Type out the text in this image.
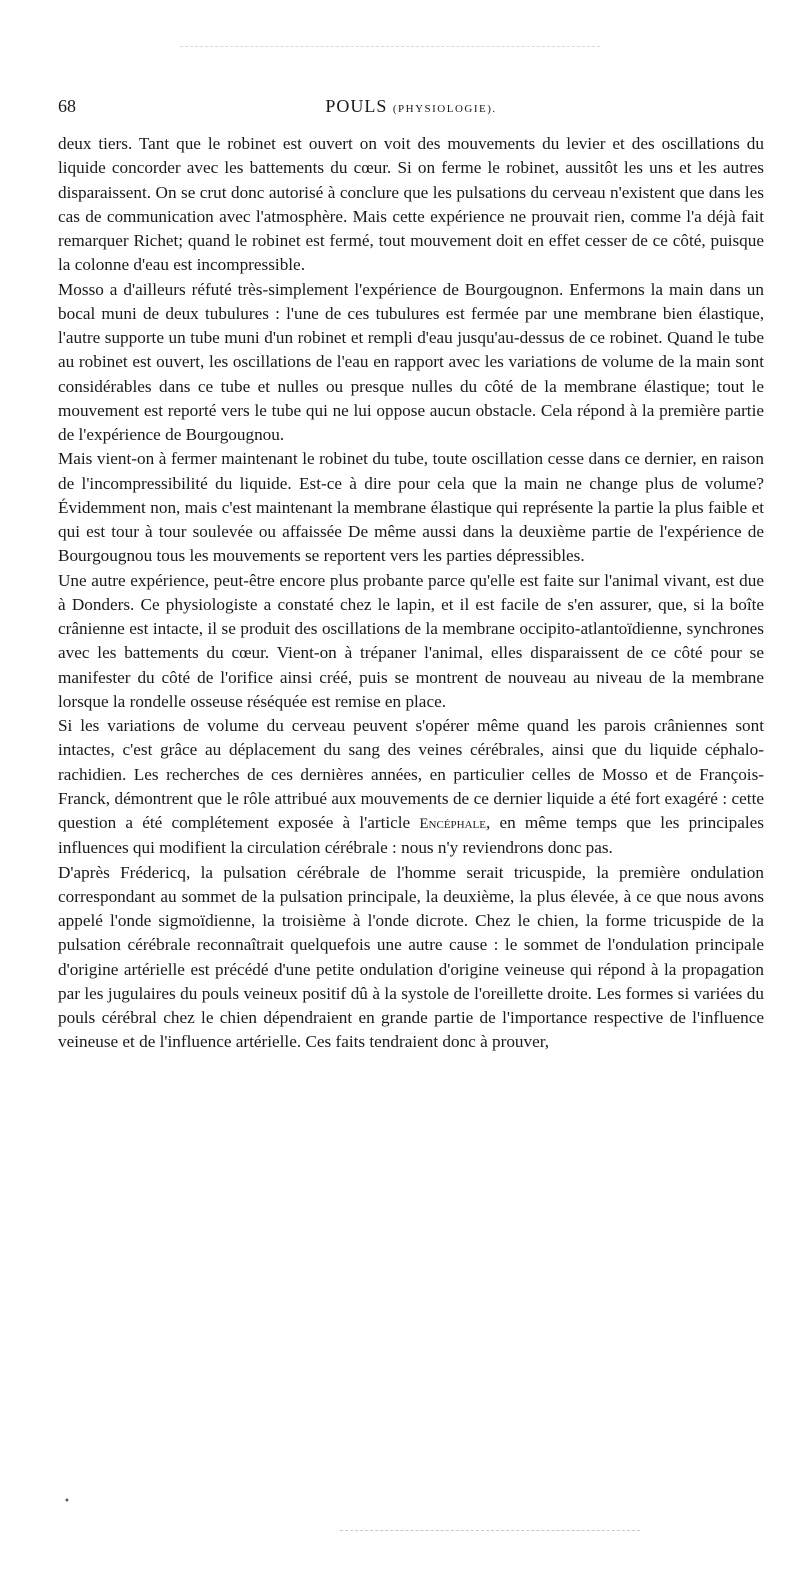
68	POULS (PHYSIOLOGIE).

deux tiers. Tant que le robinet est ouvert on voit des mouvements du levier et des oscillations du liquide concorder avec les battements du cœur. Si on ferme le robinet, aussitôt les uns et les autres disparaissent. On se crut donc autorisé à conclure que les pulsations du cerveau n'existent que dans les cas de communication avec l'atmosphère. Mais cette expérience ne prouvait rien, comme l'a déjà fait remarquer Richet; quand le robinet est fermé, tout mouvement doit en effet cesser de ce côté, puisque la colonne d'eau est incompressible.

Mosso a d'ailleurs réfuté très-simplement l'expérience de Bourgougnon. Enfermons la main dans un bocal muni de deux tubulures : l'une de ces tubulures est fermée par une membrane bien élastique, l'autre supporte un tube muni d'un robinet et rempli d'eau jusqu'au-dessus de ce robinet. Quand le tube au robinet est ouvert, les oscillations de l'eau en rapport avec les variations de volume de la main sont considérables dans ce tube et nulles ou presque nulles du côté de la membrane élastique; tout le mouvement est reporté vers le tube qui ne lui oppose aucun obstacle. Cela répond à la première partie de l'expérience de Bourgougnou.

Mais vient-on à fermer maintenant le robinet du tube, toute oscillation cesse dans ce dernier, en raison de l'incompressibilité du liquide. Est-ce à dire pour cela que la main ne change plus de volume? Évidemment non, mais c'est maintenant la membrane élastique qui représente la partie la plus faible et qui est tour à tour soulevée ou affaissée De même aussi dans la deuxième partie de l'expérience de Bourgougnou tous les mouvements se reportent vers les parties dépressibles.

Une autre expérience, peut-être encore plus probante parce qu'elle est faite sur l'animal vivant, est due à Donders. Ce physiologiste a constaté chez le lapin, et il est facile de s'en assurer, que, si la boîte crânienne est intacte, il se produit des oscillations de la membrane occipito-atlantoïdienne, synchrones avec les battements du cœur. Vient-on à trépaner l'animal, elles disparaissent de ce côté pour se manifester du côté de l'orifice ainsi créé, puis se montrent de nouveau au niveau de la membrane lorsque la rondelle osseuse réséquée est remise en place.

Si les variations de volume du cerveau peuvent s'opérer même quand les parois crâniennes sont intactes, c'est grâce au déplacement du sang des veines cérébrales, ainsi que du liquide céphalo-rachidien. Les recherches de ces dernières années, en particulier celles de Mosso et de François-Franck, démontrent que le rôle attribué aux mouvements de ce dernier liquide a été fort exagéré : cette question a été complétement exposée à l'article Encéphale, en même temps que les principales influences qui modifient la circulation cérébrale : nous n'y reviendrons donc pas.

D'après Frédericq, la pulsation cérébrale de l'homme serait tricuspide, la première ondulation correspondant au sommet de la pulsation principale, la deuxième, la plus élevée, à ce que nous avons appelé l'onde sigmoïdienne, la troisième à l'onde dicrote. Chez le chien, la forme tricuspide de la pulsation cérébrale reconnaîtrait quelquefois une autre cause : le sommet de l'ondulation principale d'origine artérielle est précédé d'une petite ondulation d'origine veineuse qui répond à la propagation par les jugulaires du pouls veineux positif dû à la systole de l'oreillette droite. Les formes si variées du pouls cérébral chez le chien dépendraient en grande partie de l'importance respective de l'influence veineuse et de l'influence artérielle. Ces faits tendraient donc à prouver,

•
